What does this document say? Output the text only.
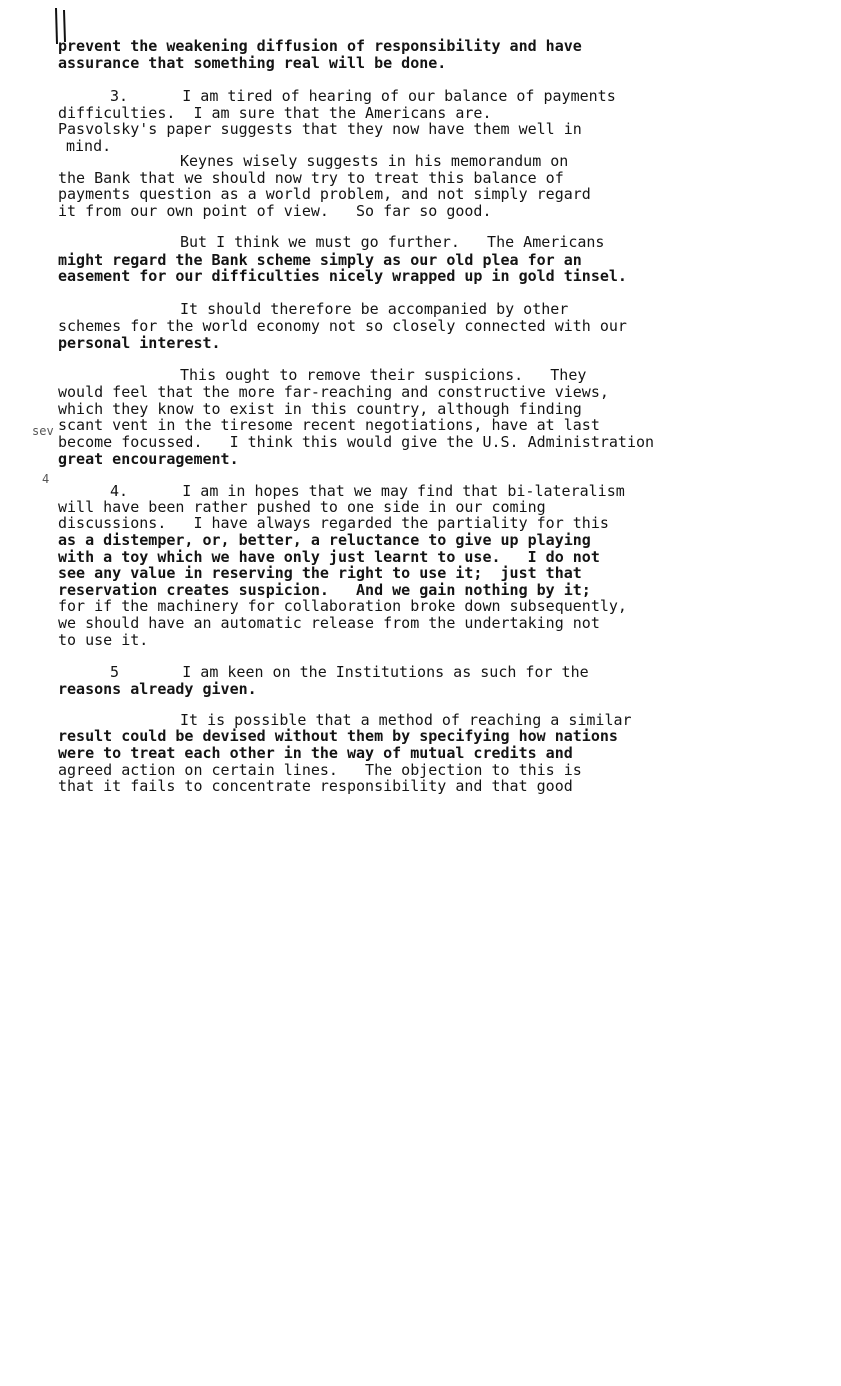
prevent the weakening diffusion of responsibility and have
assurance that something real will be done.
3.      I am tired of hearing of our balance of payments
difficulties.  I am sure that the Americans are.
Pasvolsky's paper suggests that they now have them well in
mind.
Keynes wisely suggests in his memorandum on
the Bank that we should now try to treat this balance of
payments question as a world problem, and not simply regard
it from our own point of view.   So far so good.
But I think we must go further.   The Americans
might regard the Bank scheme simply as our old plea for an
easement for our difficulties nicely wrapped up in gold tinsel.
It should therefore be accompanied by other
schemes for the world economy not so closely connected with our
personal interest.
This ought to remove their suspicions.   They
would feel that the more far-reaching and constructive views,
which they know to exist in this country, although finding
scant vent in the tiresome recent negotiations, have at last
become focussed.   I think this would give the U.S. Administration
great encouragement.
sev
4
4.      I am in hopes that we may find that bi-lateralism
will have been rather pushed to one side in our coming
discussions.   I have always regarded the partiality for this
as a distemper, or, better, a reluctance to give up playing
with a toy which we have only just learnt to use.   I do not
see any value in reserving the right to use it;  just that
reservation creates suspicion.   And we gain nothing by it;
for if the machinery for collaboration broke down subsequently,
we should have an automatic release from the undertaking not
to use it.
5       I am keen on the Institutions as such for the
reasons already given.
It is possible that a method of reaching a similar
result could be devised without them by specifying how nations
were to treat each other in the way of mutual credits and
agreed action on certain lines.   The objection to this is
that it fails to concentrate responsibility and that good
